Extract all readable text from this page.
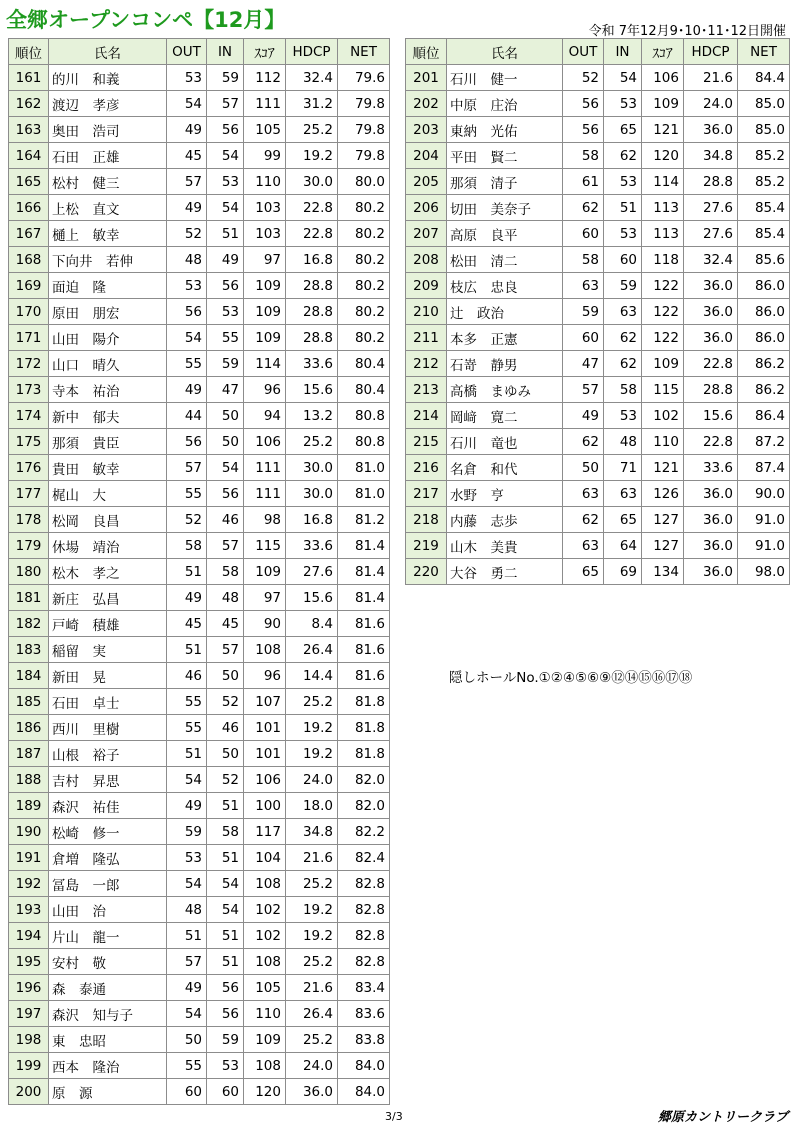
全郷オープンコンペ【12月】	令和 7年12月9･10･11･12日開催
順位	氏名	OUT	IN	ｽｺｱ	HDCP	NET
161	的川　和義	53	59	112	32.4	79.6
162	渡辺　孝彦	54	57	111	31.2	79.8
163	奥田　浩司	49	56	105	25.2	79.8
164	石田　正雄	45	54	99	19.2	79.8
165	松村　健三	57	53	110	30.0	80.0
166	上松　直文	49	54	103	22.8	80.2
167	樋上　敏幸	52	51	103	22.8	80.2
168	下向井　若伸	48	49	97	16.8	80.2
169	面迫　隆	53	56	109	28.8	80.2
170	原田　朋宏	56	53	109	28.8	80.2
171	山田　陽介	54	55	109	28.8	80.2
172	山口　晴久	55	59	114	33.6	80.4
173	寺本　祐治	49	47	96	15.6	80.4
174	新中　郁夫	44	50	94	13.2	80.8
175	那須　貴臣	56	50	106	25.2	80.8
176	貴田　敏幸	57	54	111	30.0	81.0
177	梶山　大	55	56	111	30.0	81.0
178	松岡　良昌	52	46	98	16.8	81.2
179	休場　靖治	58	57	115	33.6	81.4
180	松木　孝之	51	58	109	27.6	81.4
181	新庄　弘昌	49	48	97	15.6	81.4
182	戸崎　積雄	45	45	90	8.4	81.6
183	稲留　実	51	57	108	26.4	81.6
184	新田　晃	46	50	96	14.4	81.6
185	石田　卓士	55	52	107	25.2	81.8
186	西川　里樹	55	46	101	19.2	81.8
187	山根　裕子	51	50	101	19.2	81.8
188	吉村　昇思	54	52	106	24.0	82.0
189	森沢　祐佳	49	51	100	18.0	82.0
190	松崎　修一	59	58	117	34.8	82.2
191	倉増　隆弘	53	51	104	21.6	82.4
192	冨島　一郎	54	54	108	25.2	82.8
193	山田　治	48	54	102	19.2	82.8
194	片山　龍一	51	51	102	19.2	82.8
195	安村　敬	57	51	108	25.2	82.8
196	森　泰通	49	56	105	21.6	83.4
197	森沢　知与子	54	56	110	26.4	83.6
198	東　忠昭	50	59	109	25.2	83.8
199	西本　隆治	55	53	108	24.0	84.0
200	原　源	60	60	120	36.0	84.0
順位	氏名	OUT	IN	ｽｺｱ	HDCP	NET
201	石川　健一	52	54	106	21.6	84.4
202	中原　庄治	56	53	109	24.0	85.0
203	東納　光佑	56	65	121	36.0	85.0
204	平田　賢二	58	62	120	34.8	85.2
205	那須　清子	61	53	114	28.8	85.2
206	切田　美奈子	62	51	113	27.6	85.4
207	高原　良平	60	53	113	27.6	85.4
208	松田　清二	58	60	118	32.4	85.6
209	枝広　忠良	63	59	122	36.0	86.0
210	辻　政治	59	63	122	36.0	86.0
211	本多　正憲	60	62	122	36.0	86.0
212	石嵜　静男	47	62	109	22.8	86.2
213	高橋　まゆみ	57	58	115	28.8	86.2
214	岡﨑　寛二	49	53	102	15.6	86.4
215	石川　竜也	62	48	110	22.8	87.2
216	名倉　和代	50	71	121	33.6	87.4
217	水野　亨	63	63	126	36.0	90.0
218	内藤　志歩	62	65	127	36.0	91.0
219	山木　美貴	63	64	127	36.0	91.0
220	大谷　勇二	65	69	134	36.0	98.0
隠しホールNo.①②④⑤⑥⑨⑫⑭⑮⑯⑰⑱
3/3	郷原カントリークラブ
